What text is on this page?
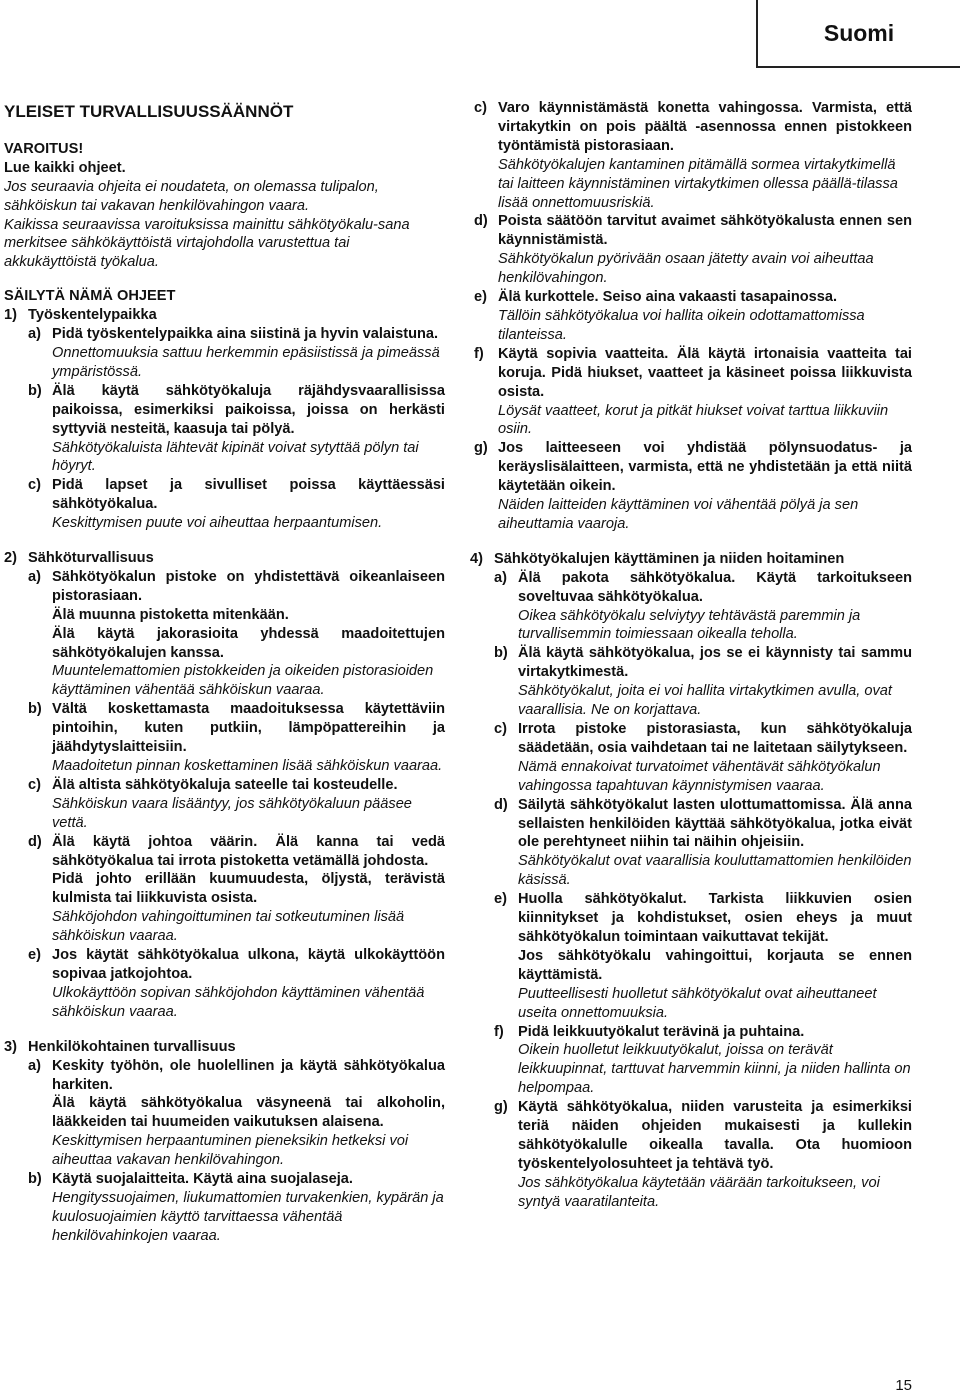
Suomi

YLEISET TURVALLISUUSSÄÄNNÖT

VAROITUS!

Lue kaikki ohjeet.

Jos seuraavia ohjeita ei noudateta, on olemassa tulipalon, sähköiskun tai vakavan henkilövahingon vaara.

Kaikissa seuraavissa varoituksissa mainittu sähkötyökalu-sana merkitsee sähkökäyttöistä virtajohdolla varustettua tai akkukäyttöistä työkalua.

SÄILYTÄ NÄMÄ OHJEET

1) Työskentelypaikka
a) Pidä työskentelypaikka aina siistinä ja hyvin valaistuna.

Onnettomuuksia sattuu herkemmin epäsiistissä ja pimeässä ympäristössä.

b) Älä käytä sähkötyökaluja räjähdysvaarallisissa paikoissa, esimerkiksi paikoissa, joissa on herkästi syttyviä nesteitä, kaasuja tai pölyä.

Sähkötyökaluista lähtevät kipinät voivat sytyttää pölyn tai höyryt.

c) Pidä lapset ja sivulliset poissa käyttäessäsi sähkötyökalua.

Keskittymisen puute voi aiheuttaa herpaantumisen.

2) Sähköturvallisuus
a) Sähkötyökalun pistoke on yhdistettävä oikeanlaiseen pistorasiaan.

Älä muunna pistoketta mitenkään.

Älä käytä jakorasioita yhdessä maadoitettujen sähkötyökalujen kanssa.

Muuntelemattomien pistokkeiden ja oikeiden pistorasioiden käyttäminen vähentää sähköiskun vaaraa.

b) Vältä koskettamasta maadoituksessa käytettäviin pintoihin, kuten putkiin, lämpöpattereihin ja jäähdytyslaitteisiin.

Maadoitetun pinnan koskettaminen lisää sähköiskun vaaraa.

c) Älä altista sähkötyökaluja sateelle tai kosteudelle.

Sähköiskun vaara lisääntyy, jos sähkötyökaluun pääsee vettä.

d) Älä käytä johtoa väärin. Älä kanna tai vedä sähkötyökalua tai irrota pistoketta vetämällä johdosta.

Pidä johto erillään kuumuudesta, öljystä, terävistä kulmista tai liikkuvista osista.

Sähköjohdon vahingoittuminen tai sotkeutuminen lisää sähköiskun vaaraa.

e) Jos käytät sähkötyökalua ulkona, käytä ulkokäyttöön sopivaa jatkojohtoa.

Ulkokäyttöön sopivan sähköjohdon käyttäminen vähentää sähköiskun vaaraa.

3) Henkilökohtainen turvallisuus
a) Keskity työhön, ole huolellinen ja käytä sähkötyökalua harkiten.

Älä käytä sähkötyökalua väsyneenä tai alkoholin, lääkkeiden tai huumeiden vaikutuksen alaisena.

Keskittymisen herpaantuminen pieneksikin hetkeksi voi aiheuttaa vakavan henkilövahingon.

b) Käytä suojalaitteita. Käytä aina suojalaseja.

Hengityssuojaimen, liukumattomien turvakenkien, kypärän ja kuulosuojaimien käyttö tarvittaessa vähentää henkilövahinkojen vaaraa.

c) Varo käynnistämästä konetta vahingossa. Varmista, että virtakytkin on pois päältä -asennossa ennen pistokkeen työntämistä pistorasiaan.

Sähkötyökalujen kantaminen pitämällä sormea virtakytkimellä tai laitteen käynnistäminen virtakytkimen ollessa päällä-tilassa lisää onnettomuusriskiä.

d) Poista säätöön tarvitut avaimet sähkötyökalusta ennen sen käynnistämistä.

Sähkötyökalun pyörivään osaan jätetty avain voi aiheuttaa henkilövahingon.

e) Älä kurkottele. Seiso aina vakaasti tasapainossa.

Tällöin sähkötyökalua voi hallita oikein odottamattomissa tilanteissa.

f) Käytä sopivia vaatteita. Älä käytä irtonaisia vaatteita tai koruja. Pidä hiukset, vaatteet ja käsineet poissa liikkuvista osista.

Löysät vaatteet, korut ja pitkät hiukset voivat tarttua liikkuviin osiin.

g) Jos laitteeseen voi yhdistää pölynsuodatus- ja keräyslisälaitteen, varmista, että ne yhdistetään ja että niitä käytetään oikein.

Näiden laitteiden käyttäminen voi vähentää pölyä ja sen aiheuttamia vaaroja.

4) Sähkötyökalujen käyttäminen ja niiden hoitaminen
a) Älä pakota sähkötyökalua. Käytä tarkoitukseen soveltuvaa sähkötyökalua.

Oikea sähkötyökalu selviytyy tehtävästä paremmin ja turvallisemmin toimiessaan oikealla teholla.

b) Älä käytä sähkötyökalua, jos se ei käynnisty tai sammu virtakytkimestä.

Sähkötyökalut, joita ei voi hallita virtakytkimen avulla, ovat vaarallisia. Ne on korjattava.

c) Irrota pistoke pistorasiasta, kun sähkötyökaluja säädetään, osia vaihdetaan tai ne laitetaan säilytykseen.

Nämä ennakoivat turvatoimet vähentävät sähkötyökalun vahingossa tapahtuvan käynnistymisen vaaraa.

d) Säilytä sähkötyökalut lasten ulottumattomissa. Älä anna sellaisten henkilöiden käyttää sähkötyökalua, jotka eivät ole perehtyneet niihin tai näihin ohjeisiin.

Sähkötyökalut ovat vaarallisia kouluttamattomien henkilöiden käsissä.

e) Huolla sähkötyökalut. Tarkista liikkuvien osien kiinnitykset ja kohdistukset, osien eheys ja muut sähkötyökalun toimintaan vaikuttavat tekijät.

Jos sähkötyökalu vahingoittui, korjauta se ennen käyttämistä.

Puutteellisesti huolletut sähkötyökalut ovat aiheuttaneet useita onnettomuuksia.

f) Pidä leikkuutyökalut terävinä ja puhtaina.

Oikein huolletut leikkuutyökalut, joissa on terävät leikkuupinnat, tarttuvat harvemmin kiinni, ja niiden hallinta on helpompaa.

g) Käytä sähkötyökalua, niiden varusteita ja esimerkiksi teriä näiden ohjeiden mukaisesti ja kullekin sähkötyökalulle oikealla tavalla. Ota huomioon työskentelyolosuhteet ja tehtävä työ.

Jos sähkötyökalua käytetään väärään tarkoitukseen, voi syntyä vaaratilanteita.

15
